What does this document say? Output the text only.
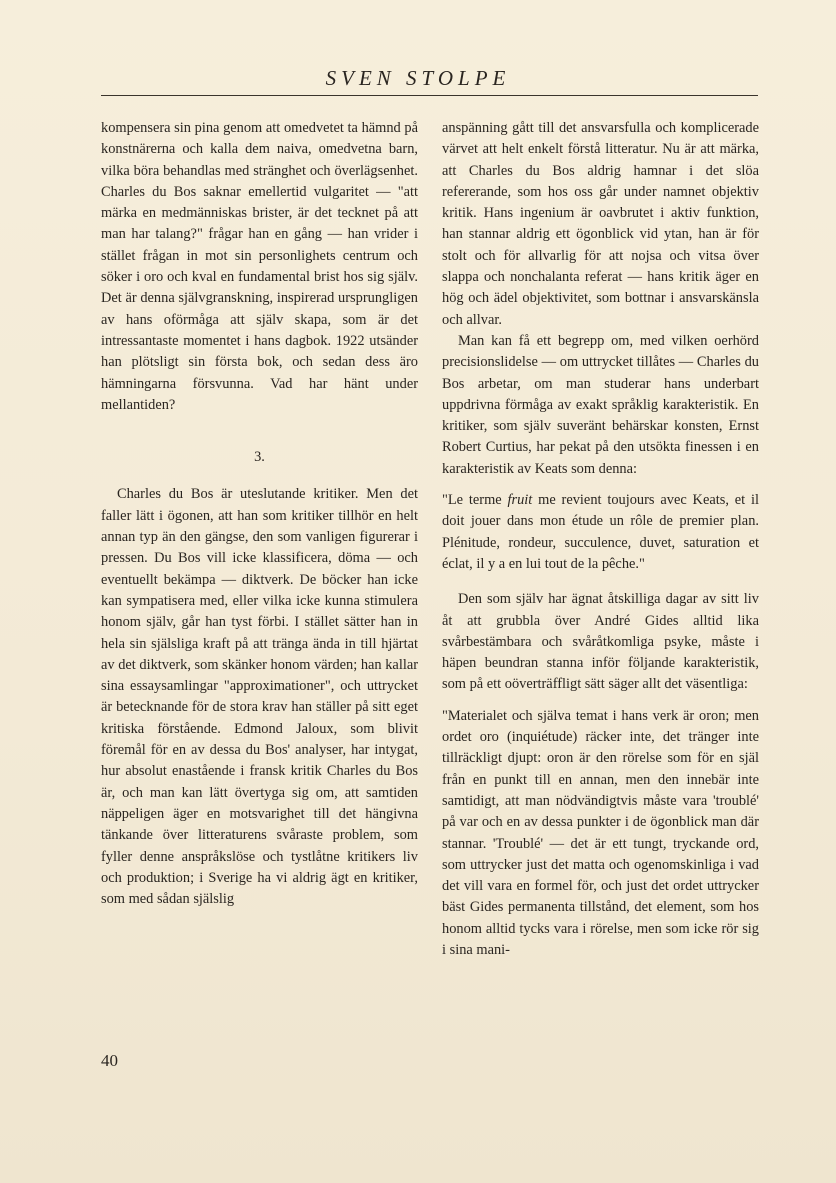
SVEN STOLPE

kompensera sin pina genom att omedvetet ta hämnd på konstnärerna och kalla dem naiva, omedvetna barn, vilka böra behandlas med stränghet och överlägsenhet. Charles du Bos saknar emellertid vulgaritet — "att märka en medmänniskas brister, är det tecknet på att man har talang?" frågar han en gång — han vrider i stället frågan in mot sin personlighets centrum och söker i oro och kval en fundamental brist hos sig själv. Det är denna självgranskning, inspirerad ursprungligen av hans oförmåga att själv skapa, som är det intressantaste momentet i hans dagbok. 1922 utsänder han plötsligt sin första bok, och sedan dess äro hämningarna försvunna. Vad har hänt under mellantiden?

3.

Charles du Bos är uteslutande kritiker. Men det faller lätt i ögonen, att han som kritiker tillhör en helt annan typ än den gängse, den som vanligen figurerar i pressen. Du Bos vill icke klassificera, döma — och eventuellt bekämpa — diktverk. De böcker han icke kan sympatisera med, eller vilka icke kunna stimulera honom själv, går han tyst förbi. I stället sätter han in hela sin själsliga kraft på att tränga ända in till hjärtat av det diktverk, som skänker honom värden; han kallar sina essaysamlingar "approximationer", och uttrycket är betecknande för de stora krav han ställer på sitt eget kritiska förstående. Edmond Jaloux, som blivit föremål för en av dessa du Bos' analyser, har intygat, hur absolut enastående i fransk kritik Charles du Bos är, och man kan lätt övertyga sig om, att samtiden näppeligen äger en motsvarighet till det hängivna tänkande över litteraturens svåraste problem, som fyller denne anspråkslöse och tystlåtne kritikers liv och produktion; i Sverige ha vi aldrig ägt en kritiker, som med sådan själslig

anspänning gått till det ansvarsfulla och komplicerade värvet att helt enkelt förstå litteratur. Nu är att märka, att Charles du Bos aldrig hamnar i det slöa refererande, som hos oss går under namnet objektiv kritik. Hans ingenium är oavbrutet i aktiv funktion, han stannar aldrig ett ögonblick vid ytan, han är för stolt och för allvarlig för att nojsa och vitsa över slappa och nonchalanta referat — hans kritik äger en hög och ädel objektivitet, som bottnar i ansvarskänsla och allvar.

Man kan få ett begrepp om, med vilken oerhörd precisionslidelse — om uttrycket tillåtes — Charles du Bos arbetar, om man studerar hans underbart uppdrivna förmåga av exakt språklig karakteristik. En kritiker, som själv suveränt behärskar konsten, Ernst Robert Curtius, har pekat på den utsökta finessen i en karakteristik av Keats som denna:

"Le terme fruit me revient toujours avec Keats, et il doit jouer dans mon étude un rôle de premier plan. Plénitude, rondeur, succulence, duvet, saturation et éclat, il y a en lui tout de la pêche."

Den som själv har ägnat åtskilliga dagar av sitt liv åt att grubbla över André Gides alltid lika svårbestämbara och svåråtkomliga psyke, måste i häpen beundran stanna inför följande karakteristik, som på ett oöverträffligt sätt säger allt det väsentliga:

"Materialet och själva temat i hans verk är oron; men ordet oro (inquiétude) räcker inte, det tränger inte tillräckligt djupt: oron är den rörelse som för en själ från en punkt till en annan, men den innebär inte samtidigt, att man nödvändigtvis måste vara 'troublé' på var och en av dessa punkter i de ögonblick man där stannar. 'Troublé' — det är ett tungt, tryckande ord, som uttrycker just det matta och ogenomskinliga i vad det vill vara en formel för, och just det ordet uttrycker bäst Gides permanenta tillstånd, det element, som hos honom alltid tycks vara i rörelse, men som icke rör sig i sina mani-

40
